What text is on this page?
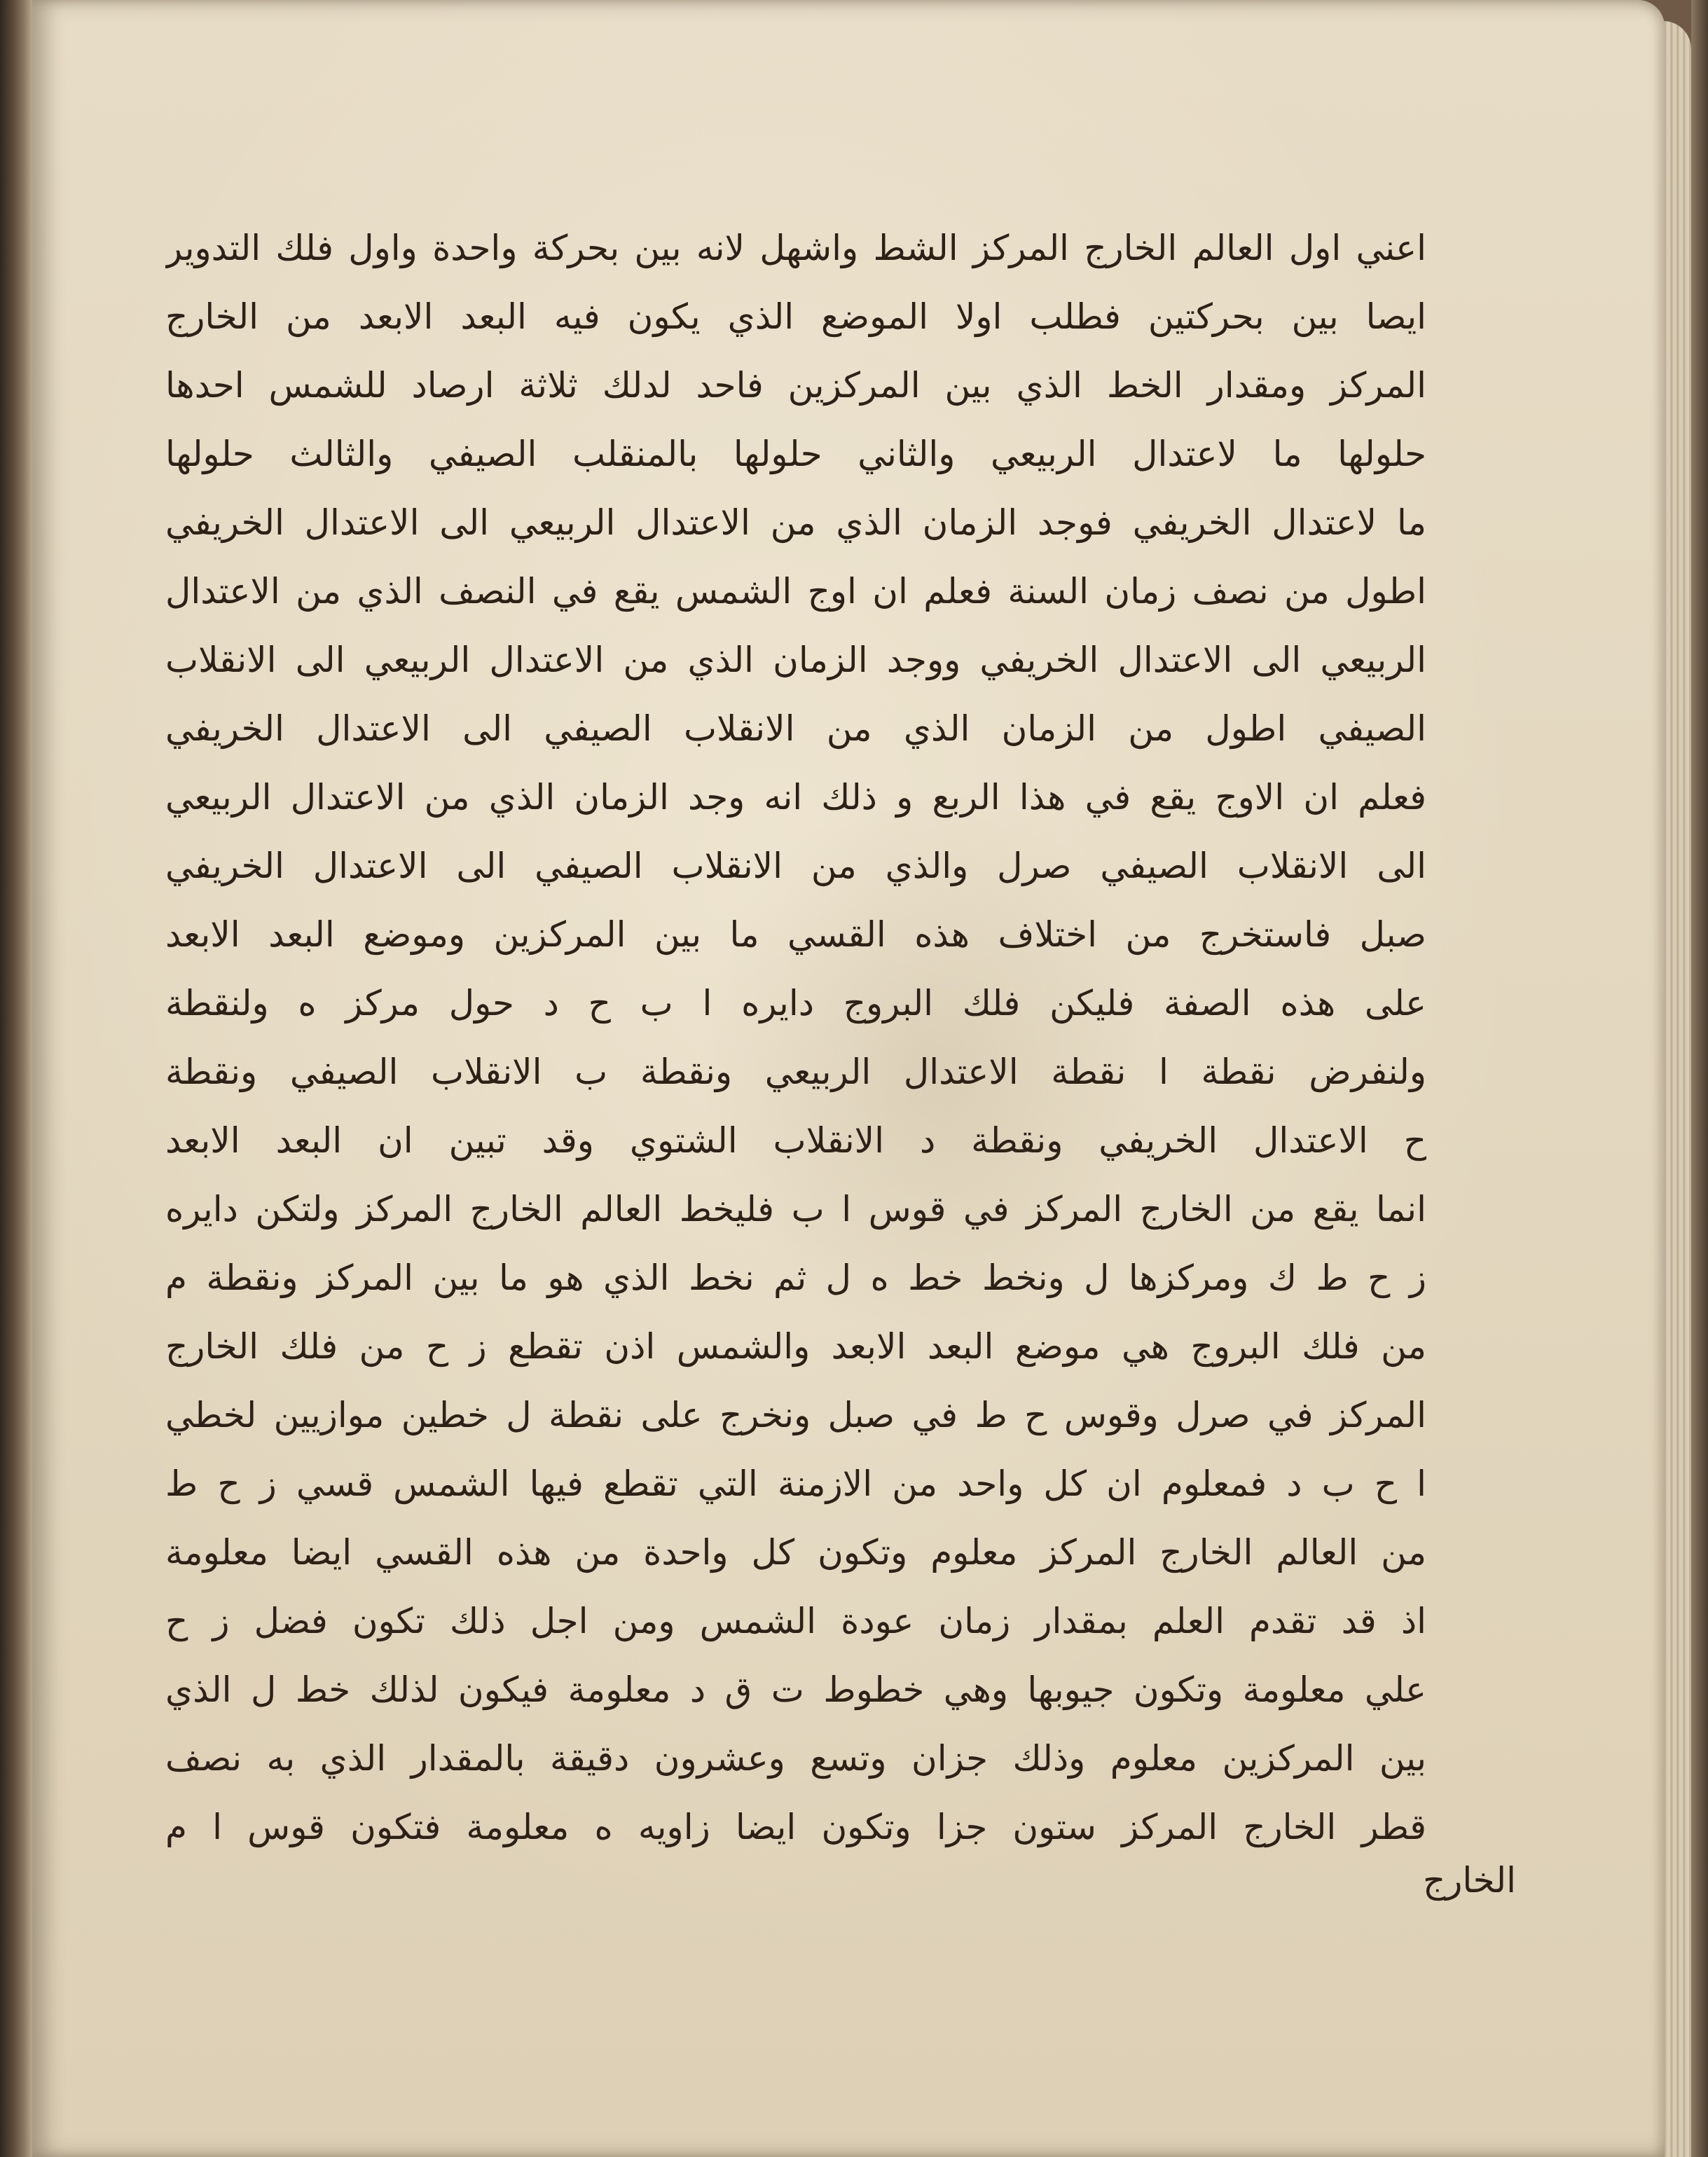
اعني اول العالم الخارج المركز الشط واشهل لانه بين بحركة واحدة واول فلك التدوير
ايصا بين بحركتين فطلب اولا الموضع الذي يكون فيه البعد الابعد من الخارج
المركز ومقدار الخط الذي بين المركزين فاحد لدلك ثلاثة ارصاد للشمس احدها
حلولها ما لاعتدال الربيعي والثاني حلولها بالمنقلب الصيفي والثالث حلولها
ما لاعتدال الخريفي فوجد الزمان الذي من الاعتدال الربيعي الى الاعتدال الخريفي
اطول من نصف زمان السنة فعلم ان اوج الشمس يقع في النصف الذي من الاعتدال
الربيعي الى الاعتدال الخريفي ووجد الزمان الذي من الاعتدال الربيعي الى الانقلاب
الصيفي اطول من الزمان الذي من الانقلاب الصيفي الى الاعتدال الخريفي
فعلم ان الاوج يقع في هذا الربع و ذلك انه وجد الزمان الذي من الاعتدال الربيعي
الى الانقلاب الصيفي صرل والذي من الانقلاب الصيفي الى الاعتدال الخريفي
صبل فاستخرج من اختلاف هذه القسي ما بين المركزين وموضع البعد الابعد
على هذه الصفة فليكن فلك البروج دايره ا ب ح د حول مركز ه ولنقطة
ولنفرض نقطة ا نقطة الاعتدال الربيعي ونقطة ب الانقلاب الصيفي ونقطة
ح الاعتدال الخريفي ونقطة د الانقلاب الشتوي وقد تبين ان البعد الابعد
انما يقع من الخارج المركز في قوس ا ب فليخط العالم الخارج المركز ولتكن دايره
ز ح ط ك ومركزها ل ونخط خط ه ل ثم نخط الذي هو ما بين المركز ونقطة م
من فلك البروج هي موضع البعد الابعد والشمس اذن تقطع ز ح من فلك الخارج
المركز في صرل وقوس ح ط في صبل ونخرج على نقطة ل خطين موازيين لخطي
ا ح ب د فمعلوم ان كل واحد من الازمنة التي تقطع فيها الشمس قسي ز ح ط
من العالم الخارج المركز معلوم وتكون كل واحدة من هذه القسي ايضا معلومة
اذ قد تقدم العلم بمقدار زمان عودة الشمس ومن اجل ذلك تكون فضل ز ح
علي معلومة وتكون جيوبها وهي خطوط ت ق د معلومة فيكون لذلك خط ل الذي
بين المركزين معلوم وذلك جزان وتسع وعشرون دقيقة بالمقدار الذي به نصف
قطر الخارج المركز ستون جزا وتكون ايضا زاويه ه معلومة فتكون قوس ا م
الخارج
